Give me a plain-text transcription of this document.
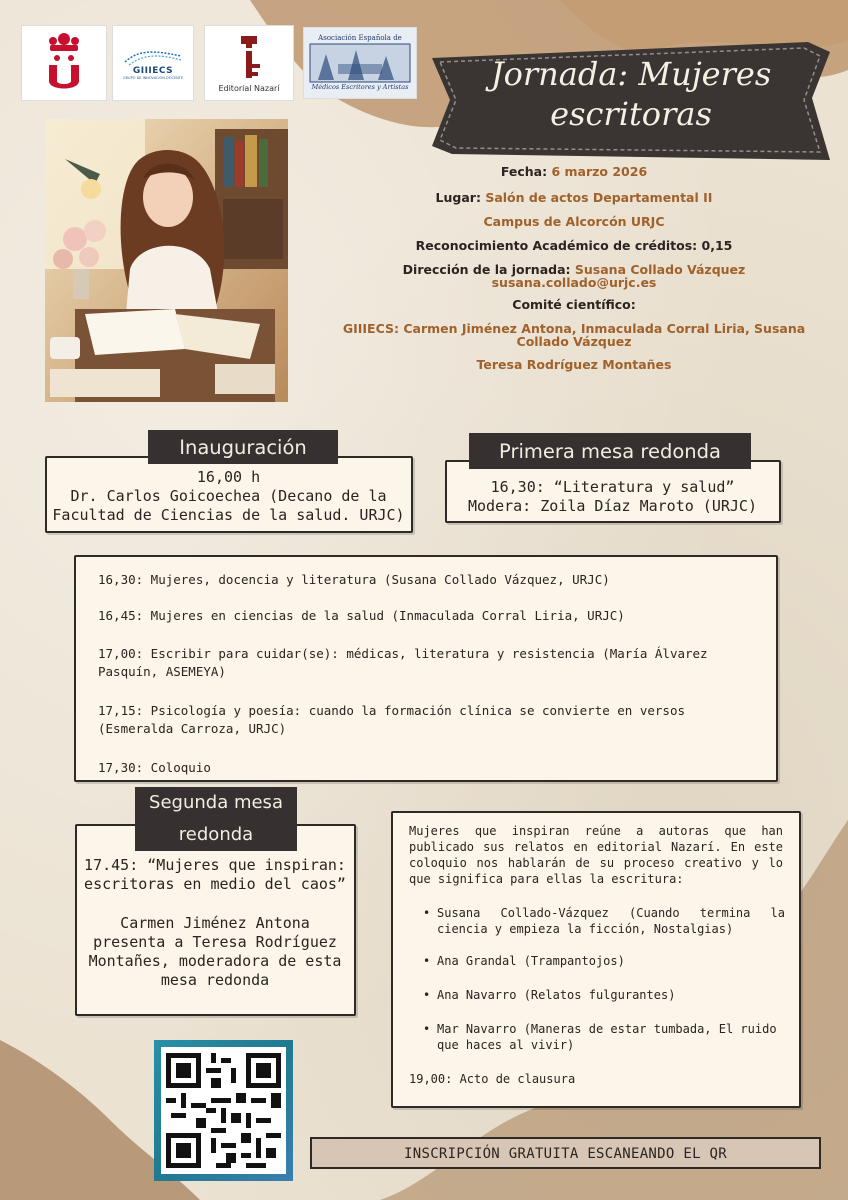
GIIIECS
GRUPO DE INNOVACIÓN DOCENTE
Editorial Nazarí
Asociación Española de
Médicos Escritores y Artistas	Jornada: Mujeres
escritoras
Fecha: 6 marzo 2026
Lugar: Salón de actos Departamental II
Campus de Alcorcón URJC
Reconocimiento Académico de créditos: 0,15
Dirección de la jornada: Susana Collado Vázquez
susana.collado@urjc.es
Comité científico:
GIIIECS: Carmen Jiménez Antona, Inmaculada Corral Liria, Susana
Collado Vázquez
Teresa Rodríguez Montañes
16,00 h
Dr. Carlos Goicoechea (Decano de la
Facultad de Ciencias de la salud. URJC)
Inauguración
16,30: “Literatura y salud”
Modera: Zoila Díaz Maroto (URJC)
Primera mesa redonda
16,30: Mujeres, docencia y literatura (Susana Collado Vázquez, URJC)
16,45: Mujeres en ciencias de la salud (Inmaculada Corral Liria, URJC)
17,00: Escribir para cuidar(se): médicas, literatura y resistencia (María Álvarez
Pasquín, ASEMEYA)
17,15: Psicología y poesía: cuando la formación clínica se convierte en versos
(Esmeralda Carroza, URJC)
17,30: Coloquio
17.45: “Mujeres que inspiran:
escritoras en medio del caos”
Carmen Jiménez Antona
presenta a Teresa Rodríguez
Montañes, moderadora de esta
mesa redonda
Segunda mesa
redonda	Mujeres que inspiran reúne a autoras que han
publicado sus relatos en editorial Nazarí. En este
coloquio nos hablarán de su proceso creativo y lo
que significa para ellas la escritura:
• Susana Collado-Vázquez (Cuando termina la
ciencia y empieza la ficción, Nostalgias)
• Ana Grandal (Trampantojos)
• Ana Navarro (Relatos fulgurantes)
• Mar Navarro (Maneras de estar tumbada, El ruido
que haces al vivir)
19,00: Acto de clausura
INSCRIPCIÓN GRATUITA ESCANEANDO EL QR
